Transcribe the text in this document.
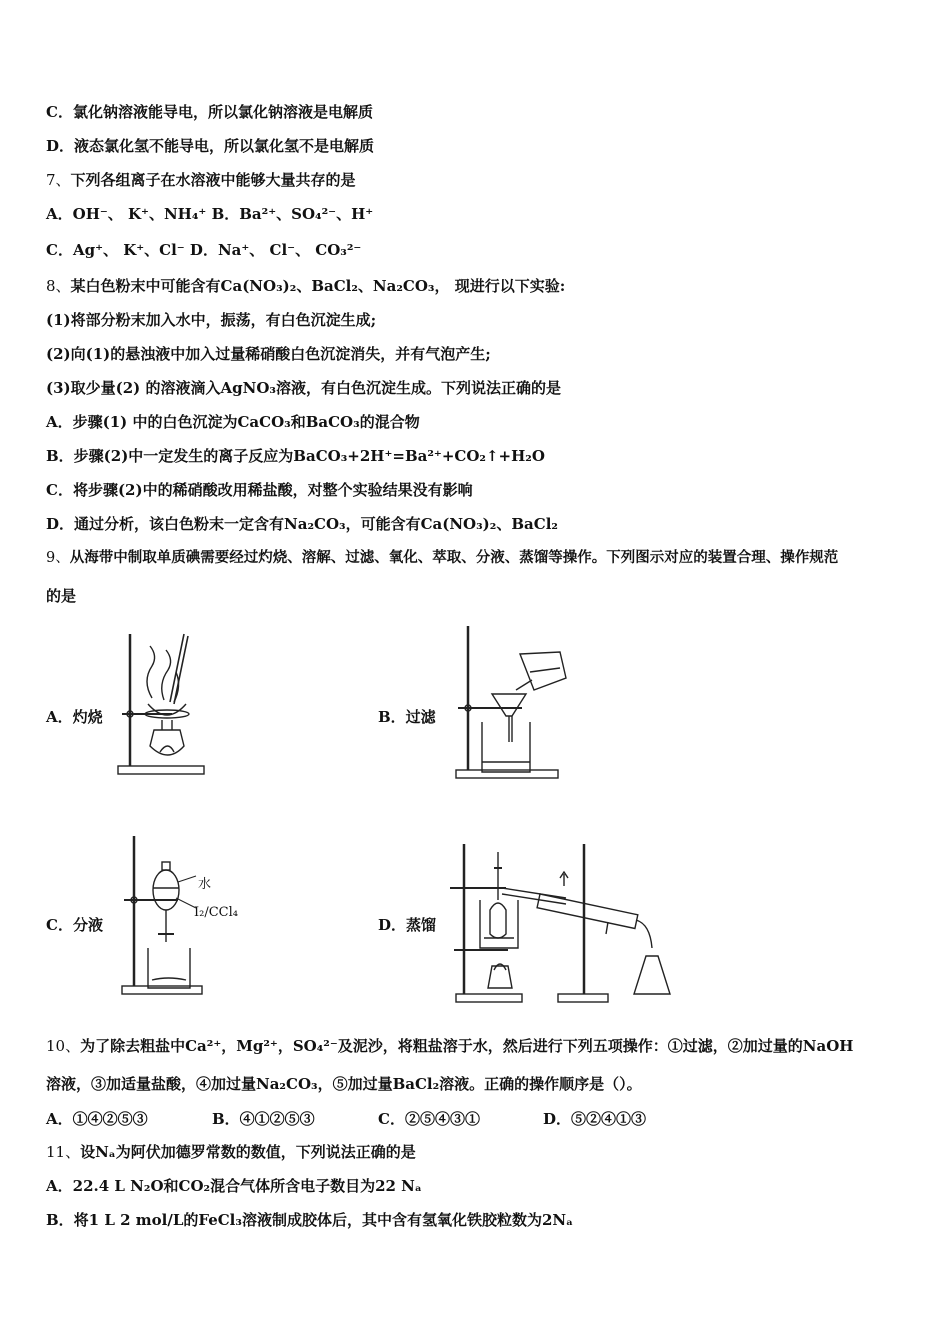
C．氯化钠溶液能导电，所以氯化钠溶液是电解质
D．液态氯化氢不能导电，所以氯化氢不是电解质
7、下列各组离子在水溶液中能够大量共存的是
A．OH⁻、 K⁺、NH₄⁺ B．Ba²⁺、SO₄²⁻、H⁺
C．Ag⁺、 K⁺、Cl⁻ D．Na⁺、 Cl⁻、 CO₃²⁻
8、某白色粉末中可能含有Ca(NO₃)₂、BaCl₂、Na₂CO₃， 现进行以下实验:
(1)将部分粉末加入水中，振荡，有白色沉淀生成;
(2)向(1)的悬浊液中加入过量稀硝酸白色沉淀消失，并有气泡产生;
(3)取少量(2) 的溶液滴入AgNO₃溶液，有白色沉淀生成。下列说法正确的是
A．步骤(1) 中的白色沉淀为CaCO₃和BaCO₃的混合物
B．步骤(2)中一定发生的离子反应为BaCO₃+2H⁺=Ba²⁺+CO₂↑+H₂O
C．将步骤(2)中的稀硝酸改用稀盐酸，对整个实验结果没有影响
D．通过分析，该白色粉末一定含有Na₂CO₃，可能含有Ca(NO₃)₂、BaCl₂
9、从海带中制取单质碘需要经过灼烧、溶解、过滤、氧化、萃取、分液、蒸馏等操作。下列图示对应的装置合理、操作规范
的是
A．灼烧	B．过滤
C．分液	D．蒸馏
水
I₂/CCl₄
10、为了除去粗盐中Ca²⁺，Mg²⁺，SO₄²⁻及泥沙，将粗盐溶于水，然后进行下列五项操作：①过滤，②加过量的NaOH
溶液，③加适量盐酸，④加过量Na₂CO₃，⑤加过量BaCl₂溶液。正确的操作顺序是（）。
A．①④②⑤③	B．④①②⑤③	C．②⑤④③①	D．⑤②④①③
11、设Nₐ为阿伏加德罗常数的数值，下列说法正确的是
A．22.4 L N₂O和CO₂混合气体所含电子数目为22 Nₐ
B．将1 L 2 mol/L的FeCl₃溶液制成胶体后，其中含有氢氧化铁胶粒数为2Nₐ
